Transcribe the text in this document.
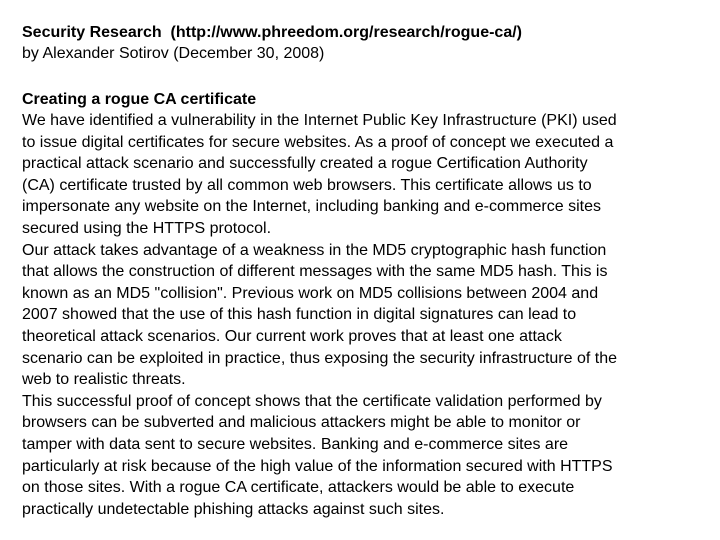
Security Research (http://www.phreedom.org/research/rogue-ca/)
by Alexander Sotirov (December 30, 2008)
Creating a rogue CA certificate
We have identified a vulnerability in the Internet Public Key Infrastructure (PKI) used
to issue digital certificates for secure websites. As a proof of concept we executed a
practical attack scenario and successfully created a rogue Certification Authority
(CA) certificate trusted by all common web browsers. This certificate allows us to
impersonate any website on the Internet, including banking and e-commerce sites
secured using the HTTPS protocol.
Our attack takes advantage of a weakness in the MD5 cryptographic hash function
that allows the construction of different messages with the same MD5 hash. This is
known as an MD5 "collision". Previous work on MD5 collisions between 2004 and
2007 showed that the use of this hash function in digital signatures can lead to
theoretical attack scenarios. Our current work proves that at least one attack
scenario can be exploited in practice, thus exposing the security infrastructure of the
web to realistic threats.
This successful proof of concept shows that the certificate validation performed by
browsers can be subverted and malicious attackers might be able to monitor or
tamper with data sent to secure websites. Banking and e-commerce sites are
particularly at risk because of the high value of the information secured with HTTPS
on those sites. With a rogue CA certificate, attackers would be able to execute
practically undetectable phishing attacks against such sites.
